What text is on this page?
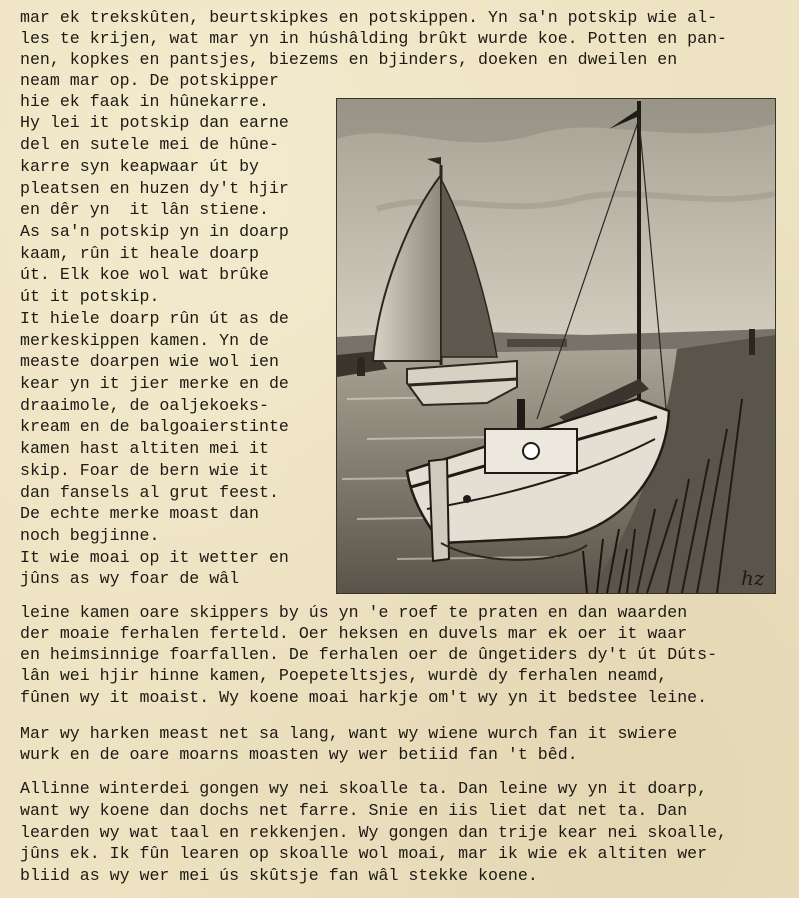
mar ek trekskûten, beurtskipkes en potskippen. Yn sa'n potskip wie al-

les te krijen, wat mar yn in húshâlding brûkt wurde koe. Potten en pan-

nen, kopkes en pantsjes, biezems en bjinders, doeken en dweilen en

neam mar op. De potskipper

hie ek faak in hûnekarre.

Hy lei it potskip dan earne

del en sutele mei de hûne-

karre syn keapwaar út by

pleatsen en huzen dy't hjir

en dêr yn  it lân stiene.

As sa'n potskip yn in doarp

kaam, rûn it heale doarp

út. Elk koe wol wat brûke

út it potskip.

It hiele doarp rûn út as de

merkeskippen kamen. Yn de

measte doarpen wie wol ien

kear yn it jier merke en de

draaimole, de oaljekoeks-

kream en de balgoaierstinte

kamen hast altiten mei it

skip. Foar de bern wie it

dan fansels al grut feest.

De echte merke moast dan

noch begjinne.

It wie moai op it wetter en

jûns as wy foar de wâl	hz

leine kamen oare skippers by ús yn 'e roef te praten en dan waarden

der moaie ferhalen ferteld. Oer heksen en duvels mar ek oer it waar

en heimsinnige foarfallen. De ferhalen oer de ûngetiders dy't út Dúts-

lân wei hjir hinne kamen, Poepeteltsjes, wurdè dy ferhalen neamd,

fûnen wy it moaist. Wy koene moai harkje om't wy yn it bedstee leine.

Mar wy harken meast net sa lang, want wy wiene wurch fan it swiere

wurk en de oare moarns moasten wy wer betiid fan 't bêd.

Allinne winterdei gongen wy nei skoalle ta. Dan leine wy yn it doarp,

want wy koene dan dochs net farre. Snie en iis liet dat net ta. Dan

learden wy wat taal en rekkenjen. Wy gongen dan trije kear nei skoalle,

jûns ek. Ik fûn learen op skoalle wol moai, mar ik wie ek altiten wer

bliid as wy wer mei ús skûtsje fan wâl stekke koene.
